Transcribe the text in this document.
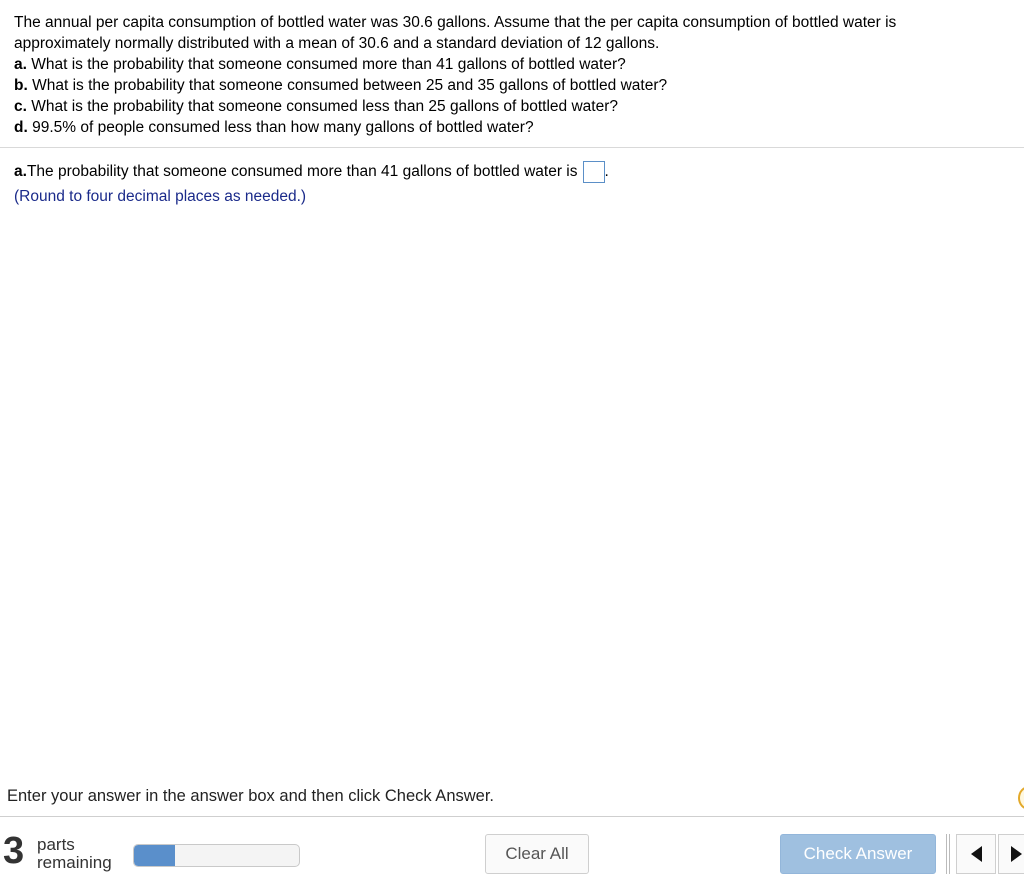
The annual per capita consumption of bottled water was 30.6 gallons. Assume that the per capita consumption of bottled water is
approximately normally distributed with a mean of 30.6 and a standard deviation of 12 gallons.
a. What is the probability that someone consumed more than 41 gallons of bottled water?
b. What is the probability that someone consumed between 25 and 35 gallons of bottled water?
c. What is the probability that someone consumed less than 25 gallons of bottled water?
d. 99.5% of people consumed less than how many gallons of bottled water?
a. The probability that someone consumed more than 41 gallons of bottled water is .
(Round to four decimal places as needed.)
Enter your answer in the answer box and then click Check Answer.
3 parts
remaining	Clear All	Check Answer
